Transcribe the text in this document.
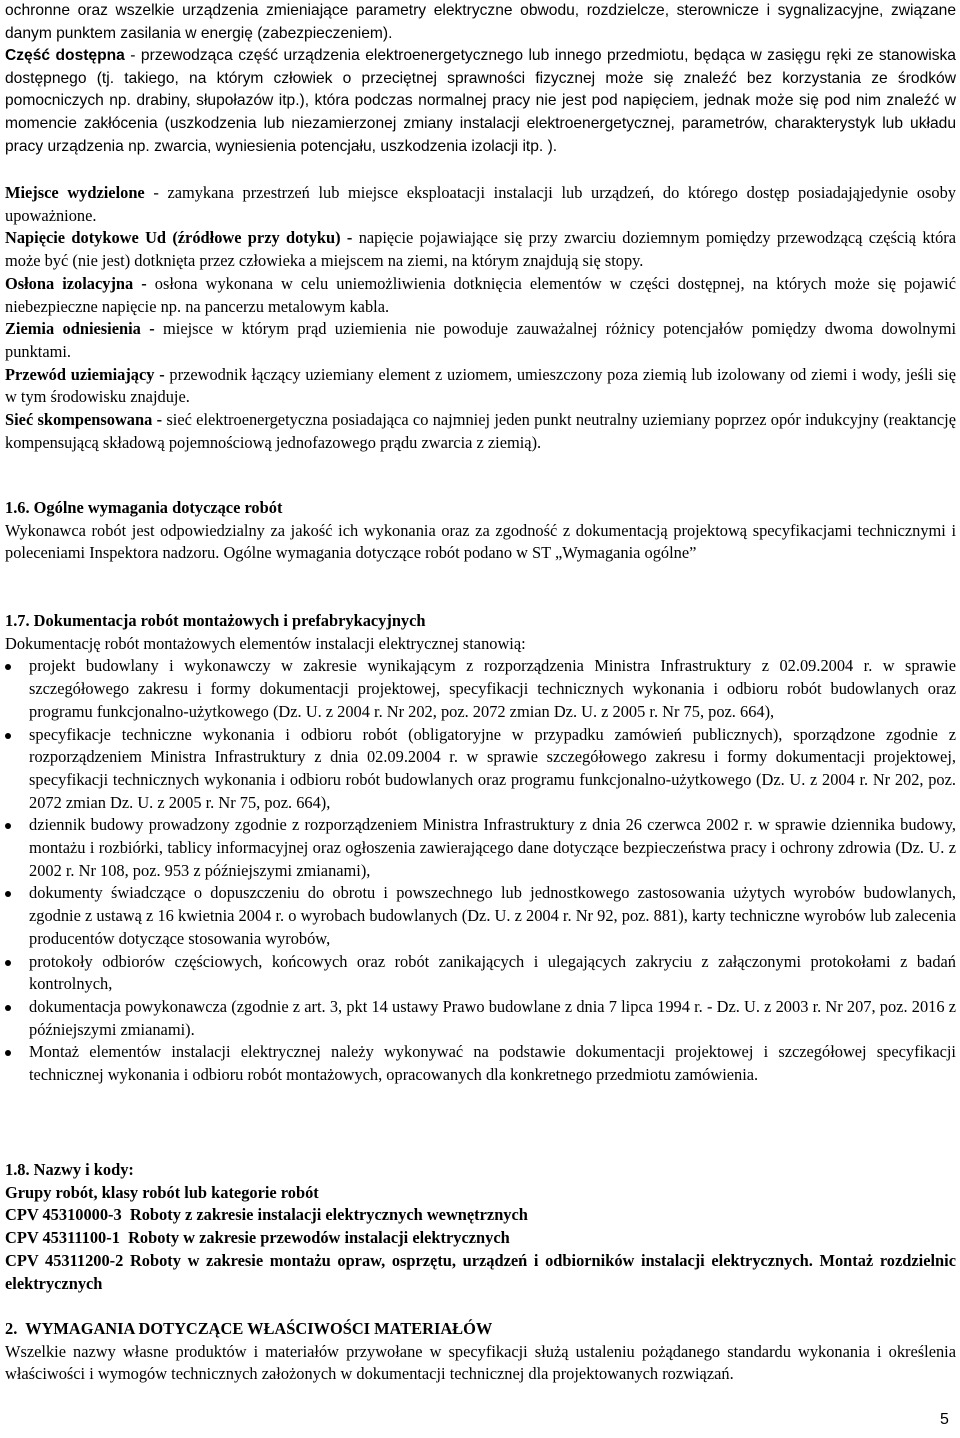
ochronne oraz wszelkie urządzenia zmieniające parametry elektryczne obwodu, rozdzielcze, sterownicze i sygnalizacyjne, związane danym punktem zasilania w energię (zabezpieczeniem).

Część dostępna - przewodząca część urządzenia elektroenergetycznego lub innego przedmiotu, będąca w zasięgu ręki ze stanowiska dostępnego (tj. takiego, na którym człowiek o przeciętnej sprawności fizycznej może się znaleźć bez korzystania ze środków pomocniczych np. drabiny, słupołazów itp.), która podczas normalnej pracy nie jest pod napięciem, jednak może się pod nim znaleźć w momencie zakłócenia (uszkodzenia lub niezamierzonej zmiany instalacji elektroenergetycznej, parametrów, charakterystyk lub układu pracy urządzenia np. zwarcia, wyniesienia potencjału, uszkodzenia izolacji itp. ).

Miejsce wydzielone - zamykana przestrzeń lub miejsce eksploatacji instalacji lub urządzeń, do którego dostęp posiadająjedynie osoby upoważnione.

Napięcie dotykowe Ud (źródłowe przy dotyku) - napięcie pojawiające się przy zwarciu doziemnym pomiędzy przewodzącą częścią która może być (nie jest) dotknięta przez człowieka a miejscem na ziemi, na którym znajdują się stopy.

Osłona izolacyjna - osłona wykonana w celu uniemożliwienia dotknięcia elementów w części dostępnej, na których może się pojawić niebezpieczne napięcie np. na pancerzu metalowym kabla.

Ziemia odniesienia - miejsce w którym prąd uziemienia nie powoduje zauważalnej różnicy potencjałów pomiędzy dwoma dowolnymi punktami.

Przewód uziemiający - przewodnik łączący uziemiany element z uziomem, umieszczony poza ziemią lub izolowany od ziemi i wody, jeśli się w tym środowisku znajduje.

Sieć skompensowana - sieć elektroenergetyczna posiadająca co najmniej jeden punkt neutralny uziemiany poprzez opór indukcyjny (reaktancję kompensującą składową pojemnościową jednofazowego prądu zwarcia z ziemią).

1.6. Ogólne wymagania dotyczące robót

Wykonawca robót jest odpowiedzialny za jakość ich wykonania oraz za zgodność z dokumentacją projektową specyfikacjami technicznymi i poleceniami Inspektora nadzoru. Ogólne wymagania dotyczące robót podano w ST „Wymagania ogólne”

1.7. Dokumentacja robót montażowych i prefabrykacyjnych

Dokumentację robót montażowych elementów instalacji elektrycznej stanowią:

projekt budowlany i wykonawczy w zakresie wynikającym z rozporządzenia Ministra Infrastruktury z 02.09.2004 r. w sprawie szczegółowego zakresu i formy dokumentacji projektowej, specyfikacji technicznych wykonania i odbioru robót budowlanych oraz programu funkcjonalno-użytkowego (Dz. U. z 2004 r. Nr 202, poz. 2072 zmian Dz. U. z 2005 r. Nr 75, poz. 664),
specyfikacje techniczne wykonania i odbioru robót (obligatoryjne w przypadku zamówień publicznych), sporządzone zgodnie z rozporządzeniem Ministra Infrastruktury z dnia 02.09.2004 r. w sprawie szczegółowego zakresu i formy dokumentacji projektowej, specyfikacji technicznych wykonania i odbioru robót budowlanych oraz programu funkcjonalno-użytkowego (Dz. U. z 2004 r. Nr 202, poz. 2072 zmian Dz. U. z 2005 r. Nr 75, poz. 664),
dziennik budowy prowadzony zgodnie z rozporządzeniem Ministra Infrastruktury z dnia 26 czerwca 2002 r. w sprawie dziennika budowy, montażu i rozbiórki, tablicy informacyjnej oraz ogłoszenia zawierającego dane dotyczące bezpieczeństwa pracy i ochrony zdrowia (Dz. U. z 2002 r. Nr 108, poz. 953 z późniejszymi zmianami),
dokumenty świadczące o dopuszczeniu do obrotu i powszechnego lub jednostkowego zastosowania użytych wyrobów budowlanych, zgodnie z ustawą z 16 kwietnia 2004 r. o wyrobach budowlanych (Dz. U. z 2004 r. Nr 92, poz. 881), karty techniczne wyrobów lub zalecenia producentów dotyczące stosowania wyrobów,
protokoły odbiorów częściowych, końcowych oraz robót zanikających i ulegających zakryciu z załączonymi protokołami z badań kontrolnych,
dokumentacja powykonawcza (zgodnie z art. 3, pkt 14 ustawy Prawo budowlane z dnia 7 lipca 1994 r. - Dz. U. z 2003 r. Nr 207, poz. 2016 z późniejszymi zmianami).
Montaż elementów instalacji elektrycznej należy wykonywać na podstawie dokumentacji projektowej i szczegółowej specyfikacji technicznej wykonania i odbioru robót montażowych, opracowanych dla konkretnego przedmiotu zamówienia.

1.8. Nazwy i kody:

Grupy robót, klasy robót lub kategorie robót

CPV 45310000-3  Roboty z zakresie instalacji elektrycznych wewnętrznych

CPV 45311100-1  Roboty w zakresie przewodów instalacji elektrycznych

CPV 45311200-2 Roboty w zakresie montażu opraw, osprzętu, urządzeń i odbiorników instalacji elektrycznych. Montaż rozdzielnic elektrycznych

2.  WYMAGANIA DOTYCZĄCE WŁAŚCIWOŚCI MATERIAŁÓW

Wszelkie nazwy własne produktów i materiałów przywołane w specyfikacji służą ustaleniu pożądanego standardu wykonania i określenia właściwości i wymogów technicznych założonych w dokumentacji technicznej dla projektowanych rozwiązań.

5
